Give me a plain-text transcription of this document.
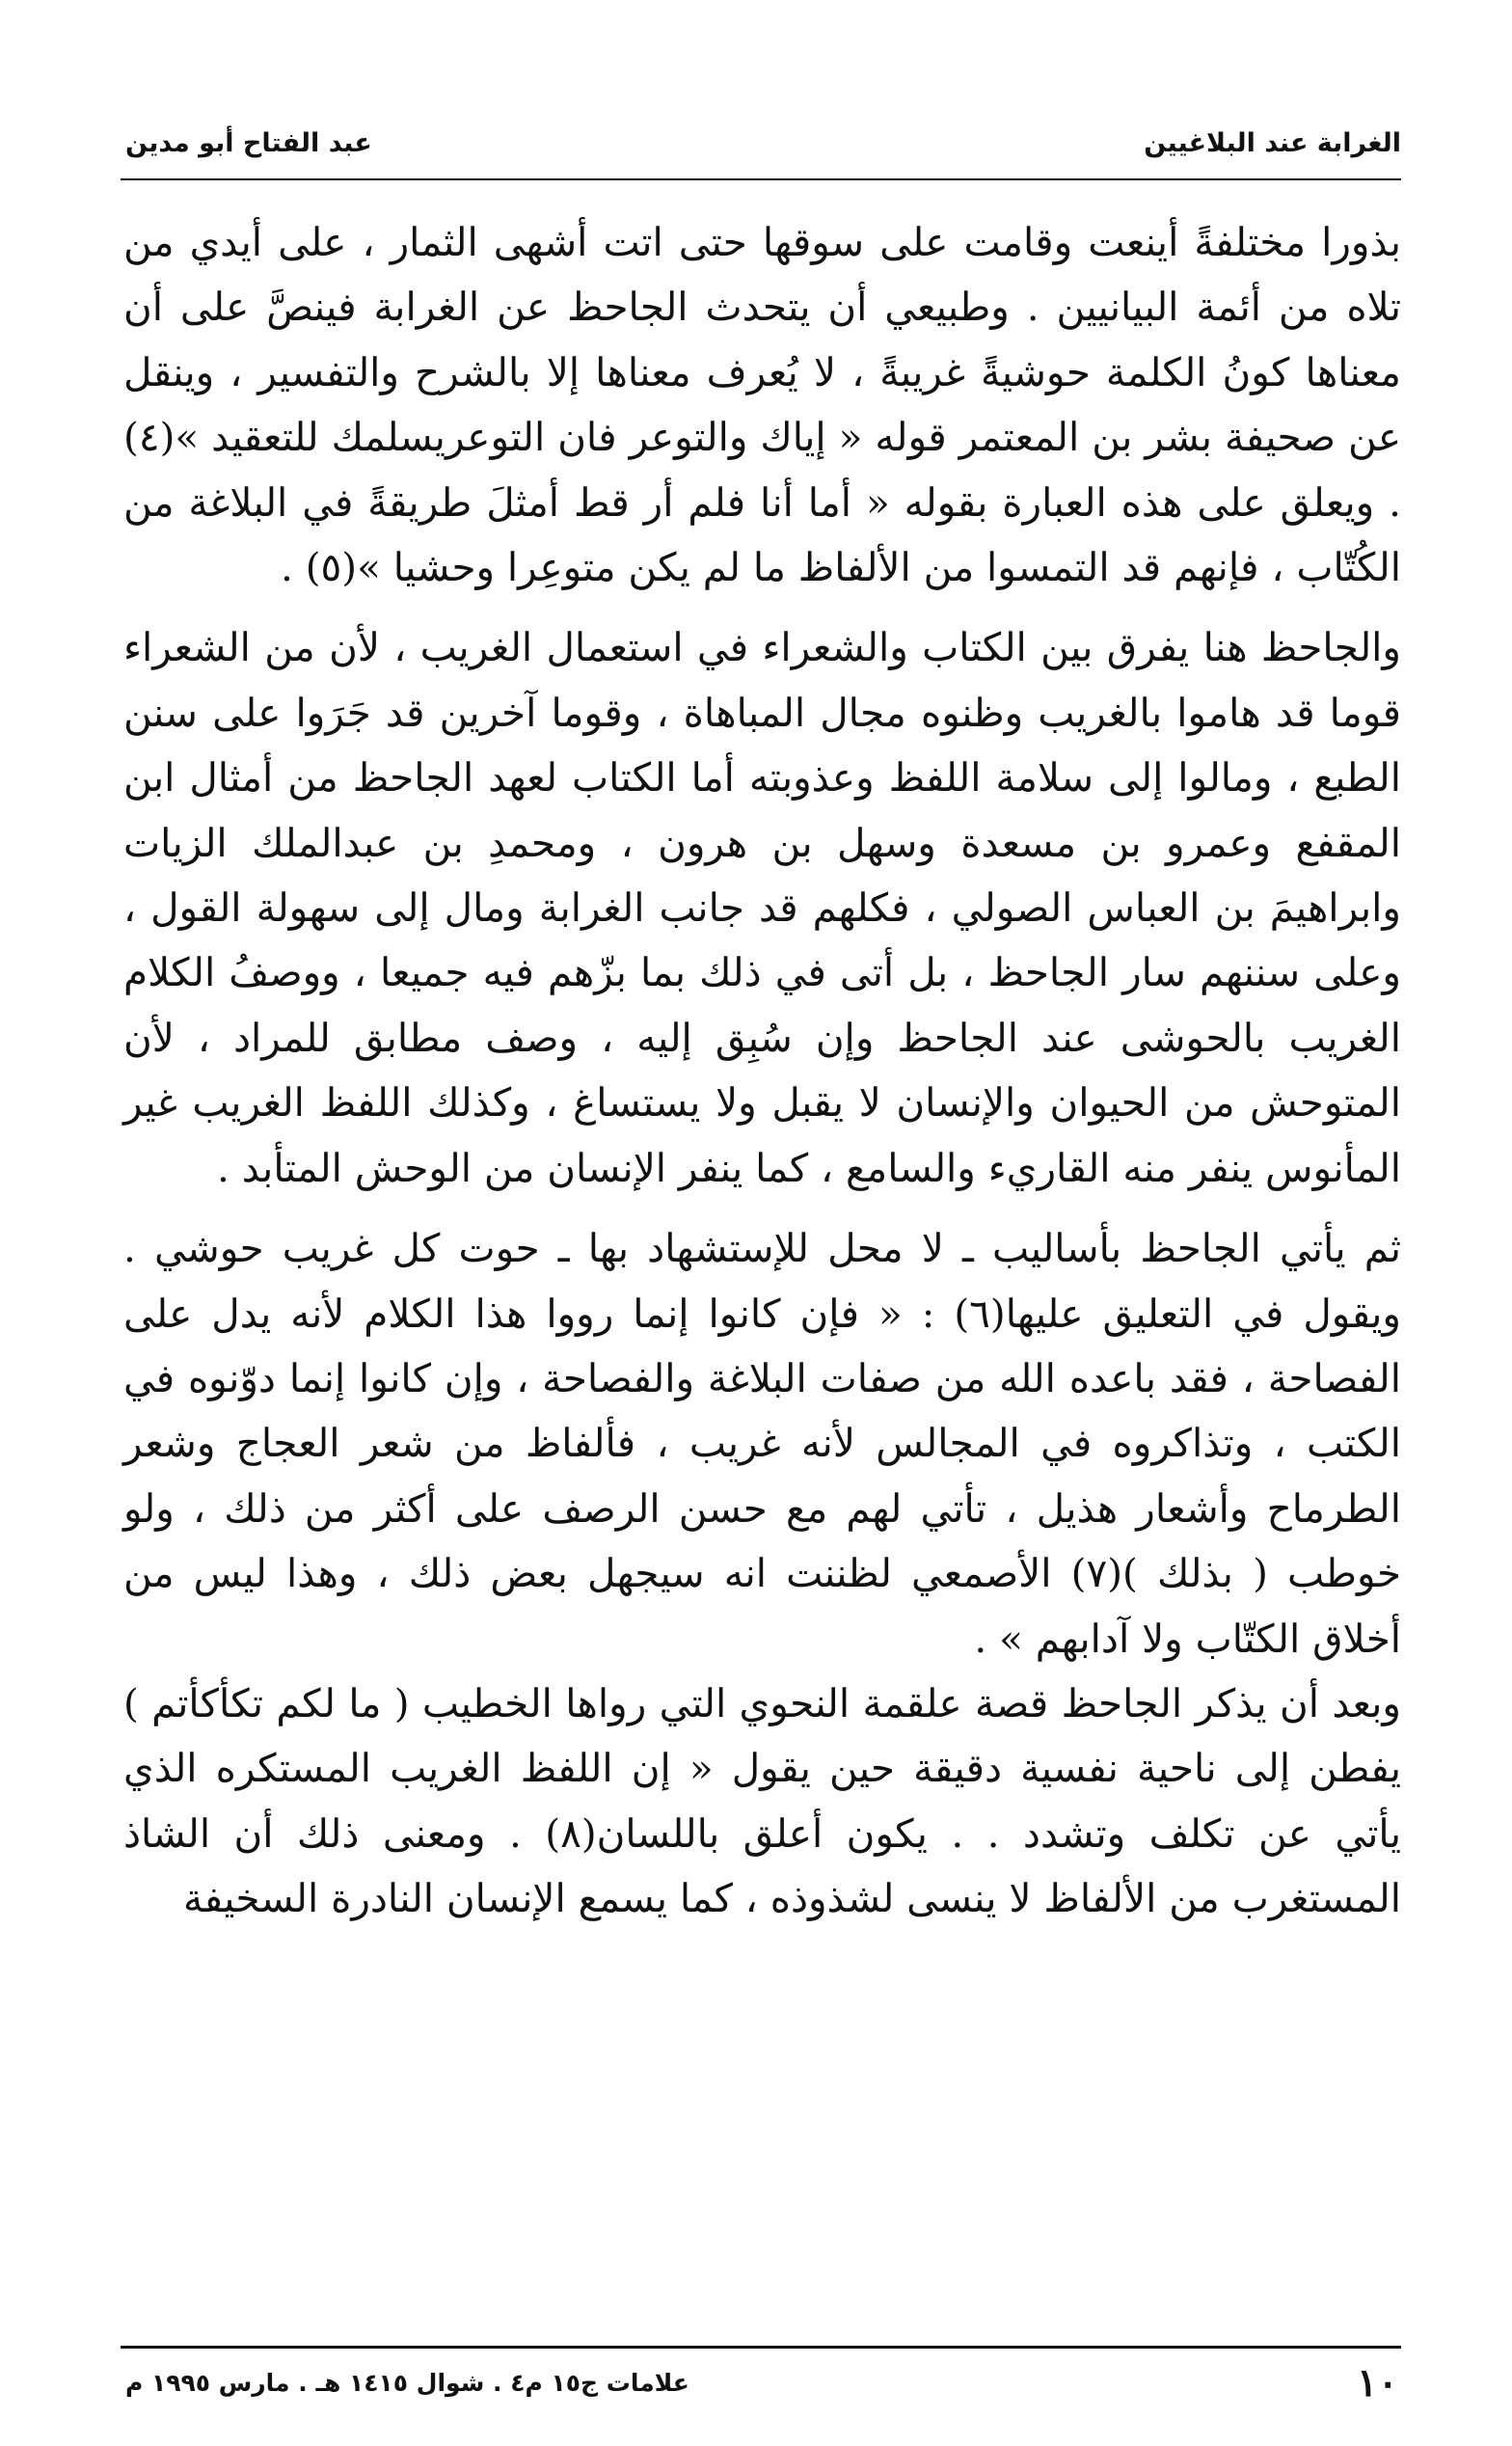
الغرابة عند البلاغيين
عبد الفتاح أبو مدين

بذورا مختلفةً أينعت وقامت على سوقها حتى اتت أشهى الثمار ، على أيدي من تلاه من أئمة البيانيين . وطبيعي أن يتحدث الجاحظ عن الغرابة فينصَّ على أن معناها كونُ الكلمة حوشيةً غريبةً ، لا يُعرف معناها إلا بالشرح والتفسير ، وينقل عن صحيفة بشر بن المعتمر قوله « إياك والتوعر فان التوعريسلمك للتعقيد »(٤) . ويعلق على هذه العبارة بقوله « أما أنا فلم أر قط أمثلَ طريقةً في البلاغة من الكُتّاب ، فإنهم قد التمسوا من الألفاظ ما لم يكن متوعِرا وحشيا »(٥) .

والجاحظ هنا يفرق بين الكتاب والشعراء في استعمال الغريب ، لأن من الشعراء قوما قد هاموا بالغريب وظنوه مجال المباهاة ، وقوما آخرين قد جَرَوا على سنن الطبع ، ومالوا إلى سلامة اللفظ وعذوبته أما الكتاب لعهد الجاحظ من أمثال ابن المقفع وعمرو بن مسعدة وسهل بن هرون ، ومحمدِ بن عبدالملك الزيات وابراهيمَ بن العباس الصولي ، فكلهم قد جانب الغرابة ومال إلى سهولة القول ، وعلى سننهم سار الجاحظ ، بل أتى في ذلك بما بزّهم فيه جميعا ، ووصفُ الكلام الغريب بالحوشى عند الجاحظ وإن سُبِق إليه ، وصف مطابق للمراد ، لأن المتوحش من الحيوان والإنسان لا يقبل ولا يستساغ ، وكذلك اللفظ الغريب غير المأنوس ينفر منه القاريء والسامع ، كما ينفر الإنسان من الوحش المتأبد .

ثم يأتي الجاحظ بأساليب ـ لا محل للإستشهاد بها ـ حوت كل غريب حوشي . ويقول في التعليق عليها(٦) : « فإن كانوا إنما رووا هذا الكلام لأنه يدل على الفصاحة ، فقد باعده الله من صفات البلاغة والفصاحة ، وإن كانوا إنما دوّنوه في الكتب ، وتذاكروه في المجالس لأنه غريب ، فألفاظ من شعر العجاج وشعر الطرماح وأشعار هذيل ، تأتي لهم مع حسن الرصف على أكثر من ذلك ، ولو خوطب ( بذلك )(٧) الأصمعي لظننت انه سيجهل بعض ذلك ، وهذا ليس من أخلاق الكتّاب ولا آدابهم » .

وبعد أن يذكر الجاحظ قصة علقمة النحوي التي رواها الخطيب ( ما لكم تكأكأتم ) يفطن إلى ناحية نفسية دقيقة حين يقول « إن اللفظ الغريب المستكره الذي يأتي عن تكلف وتشدد . . يكون أعلق باللسان(٨) . ومعنى ذلك أن الشاذ المستغرب من الألفاظ لا ينسى لشذوذه ، كما يسمع الإنسان النادرة السخيفة

١٠
علامات ج١٥ م٤ . شوال ١٤١٥ هـ . مارس ١٩٩٥ م
